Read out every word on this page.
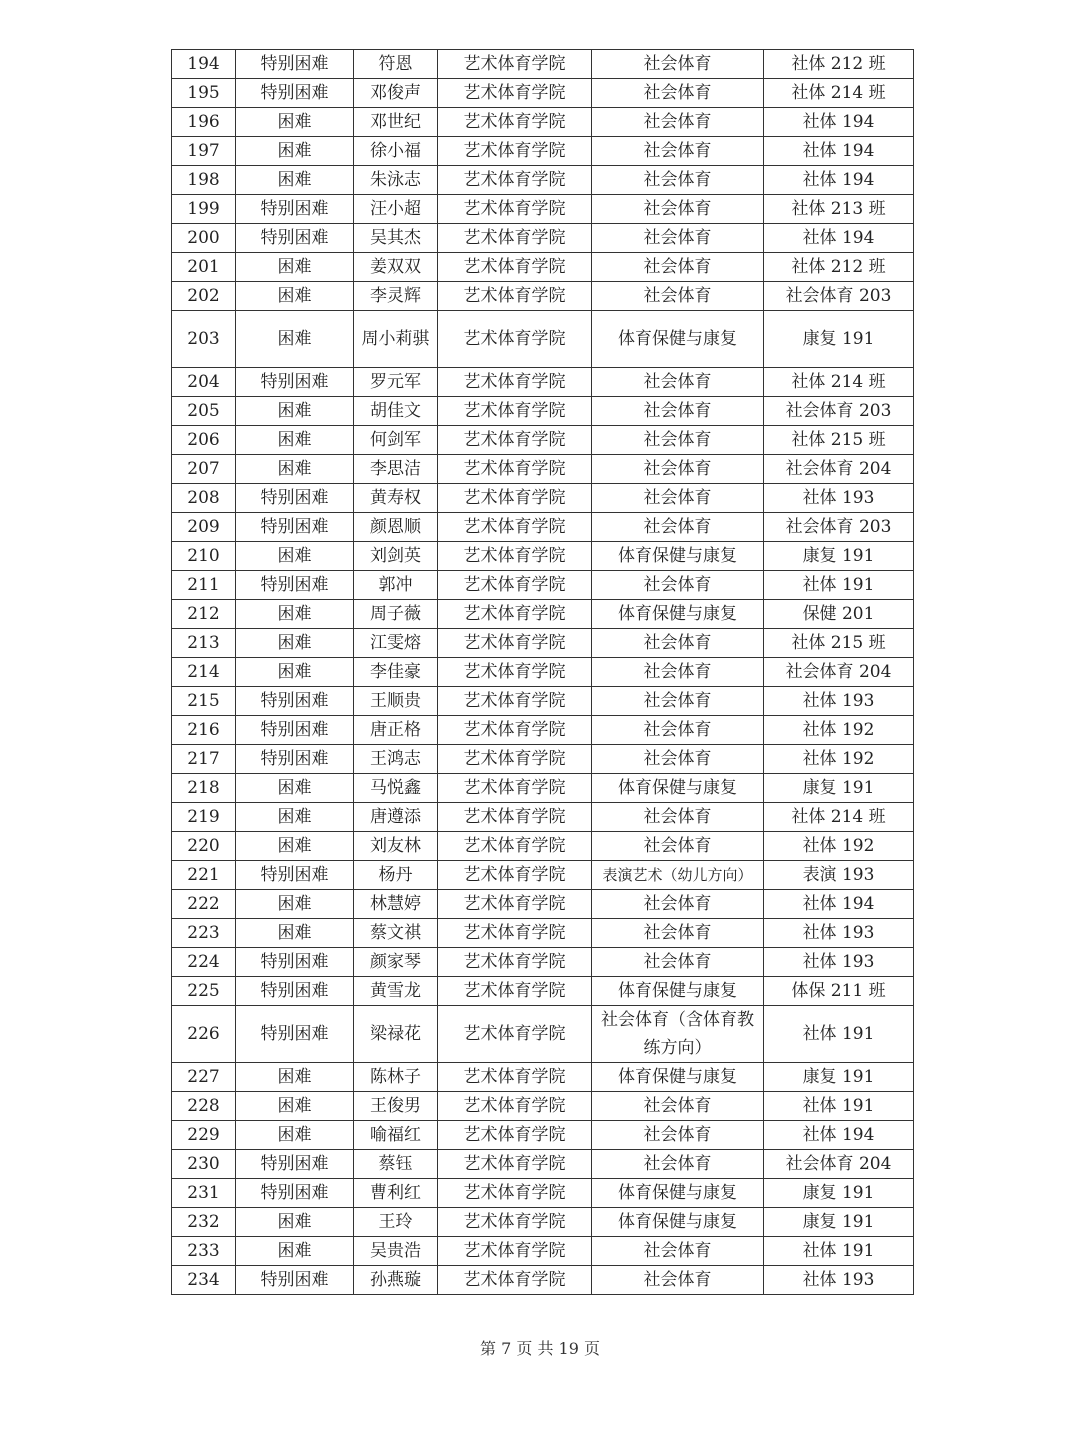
194	特别困难	符恩	艺术体育学院	社会体育	社体 212 班
195	特别困难	邓俊声	艺术体育学院	社会体育	社体 214 班
196	困难	邓世纪	艺术体育学院	社会体育	社体 194
197	困难	徐小福	艺术体育学院	社会体育	社体 194
198	困难	朱泳志	艺术体育学院	社会体育	社体 194
199	特别困难	汪小超	艺术体育学院	社会体育	社体 213 班
200	特别困难	吴其杰	艺术体育学院	社会体育	社体 194
201	困难	姜双双	艺术体育学院	社会体育	社体 212 班
202	困难	李灵辉	艺术体育学院	社会体育	社会体育 203
203	困难	周小莉骐	艺术体育学院	体育保健与康复	康复 191
204	特别困难	罗元军	艺术体育学院	社会体育	社体 214 班
205	困难	胡佳文	艺术体育学院	社会体育	社会体育 203
206	困难	何剑军	艺术体育学院	社会体育	社体 215 班
207	困难	李思洁	艺术体育学院	社会体育	社会体育 204
208	特别困难	黄寿权	艺术体育学院	社会体育	社体 193
209	特别困难	颜恩顺	艺术体育学院	社会体育	社会体育 203
210	困难	刘剑英	艺术体育学院	体育保健与康复	康复 191
211	特别困难	郭冲	艺术体育学院	社会体育	社体 191
212	困难	周子薇	艺术体育学院	体育保健与康复	保健 201
213	困难	江雯熔	艺术体育学院	社会体育	社体 215 班
214	困难	李佳豪	艺术体育学院	社会体育	社会体育 204
215	特别困难	王顺贵	艺术体育学院	社会体育	社体 193
216	特别困难	唐正格	艺术体育学院	社会体育	社体 192
217	特别困难	王鸿志	艺术体育学院	社会体育	社体 192
218	困难	马悦鑫	艺术体育学院	体育保健与康复	康复 191
219	困难	唐遵添	艺术体育学院	社会体育	社体 214 班
220	困难	刘友林	艺术体育学院	社会体育	社体 192
221	特别困难	杨丹	艺术体育学院	表演艺术（幼儿方向）	表演 193
222	困难	林慧婷	艺术体育学院	社会体育	社体 194
223	困难	蔡文祺	艺术体育学院	社会体育	社体 193
224	特别困难	颜家琴	艺术体育学院	社会体育	社体 193
225	特别困难	黄雪龙	艺术体育学院	体育保健与康复	体保 211 班
226	特别困难	梁禄花	艺术体育学院	社会体育（含体育教练方向）	社体 191
227	困难	陈林子	艺术体育学院	体育保健与康复	康复 191
228	困难	王俊男	艺术体育学院	社会体育	社体 191
229	困难	喻福红	艺术体育学院	社会体育	社体 194
230	特别困难	蔡钰	艺术体育学院	社会体育	社会体育 204
231	特别困难	曹利红	艺术体育学院	体育保健与康复	康复 191
232	困难	王玲	艺术体育学院	体育保健与康复	康复 191
233	困难	吴贵浩	艺术体育学院	社会体育	社体 191
234	特别困难	孙燕璇	艺术体育学院	社会体育	社体 193
第 7 页 共 19 页
